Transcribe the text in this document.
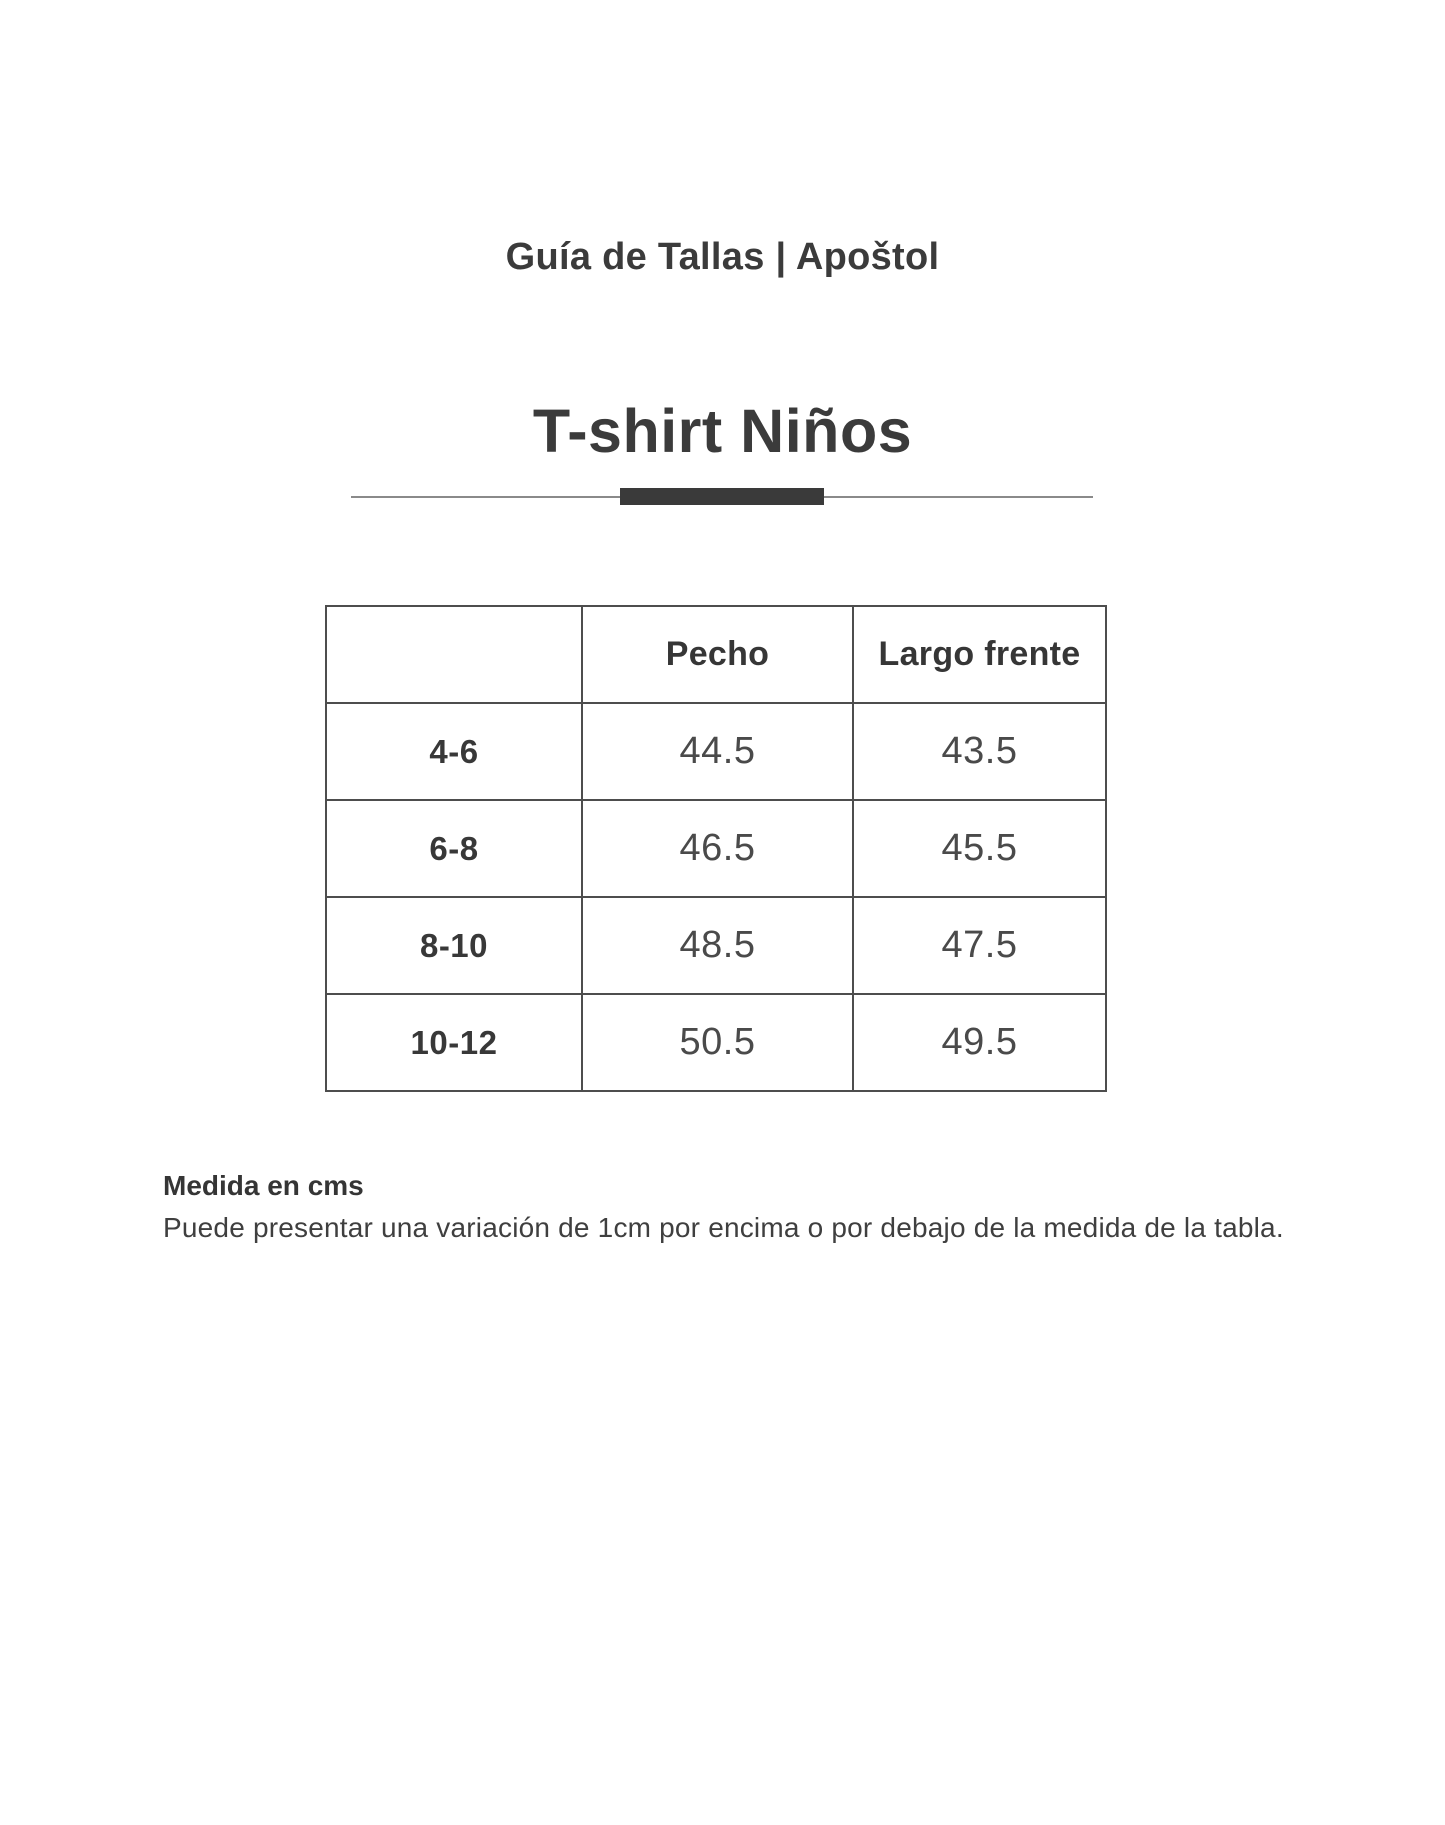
Guía de Tallas | Apoštol
T-shirt Niños
	Pecho	Largo frente
4-6	44.5	43.5
6-8	46.5	45.5
8-10	48.5	47.5
10-12	50.5	49.5
Medida en cms
Puede presentar una variación de 1cm por encima o por debajo de la medida de la tabla.
